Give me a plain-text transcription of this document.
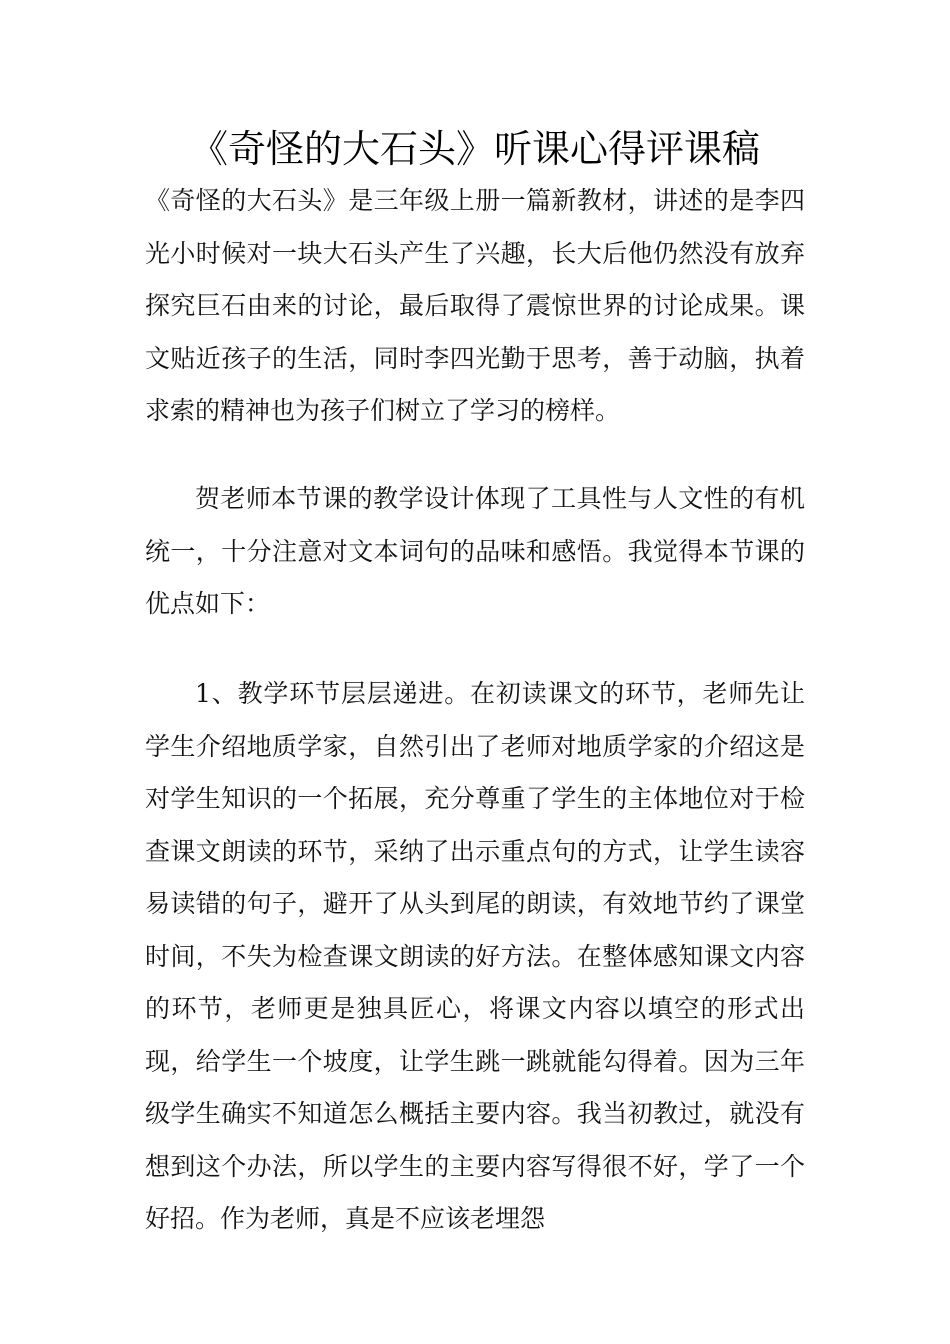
《奇怪的大石头》听课心得评课稿

《奇怪的大石头》是三年级上册一篇新教材，讲述的是李四光小时候对一块大石头产生了兴趣，长大后他仍然没有放弃探究巨石由来的讨论，最后取得了震惊世界的讨论成果。课文贴近孩子的生活，同时李四光勤于思考，善于动脑，执着求索的精神也为孩子们树立了学习的榜样。

贺老师本节课的教学设计体现了工具性与人文性的有机统一，十分注意对文本词句的品味和感悟。我觉得本节课的优点如下：

1、教学环节层层递进。在初读课文的环节，老师先让学生介绍地质学家，自然引出了老师对地质学家的介绍这是对学生知识的一个拓展，充分尊重了学生的主体地位对于检查课文朗读的环节，采纳了出示重点句的方式，让学生读容易读错的句子，避开了从头到尾的朗读，有效地节约了课堂时间，不失为检查课文朗读的好方法。在整体感知课文内容的环节，老师更是独具匠心，将课文内容以填空的形式出现，给学生一个坡度，让学生跳一跳就能勾得着。因为三年级学生确实不知道怎么概括主要内容。我当初教过，就没有想到这个办法，所以学生的主要内容写得很不好，学了一个好招。作为老师，真是不应该老埋怨
